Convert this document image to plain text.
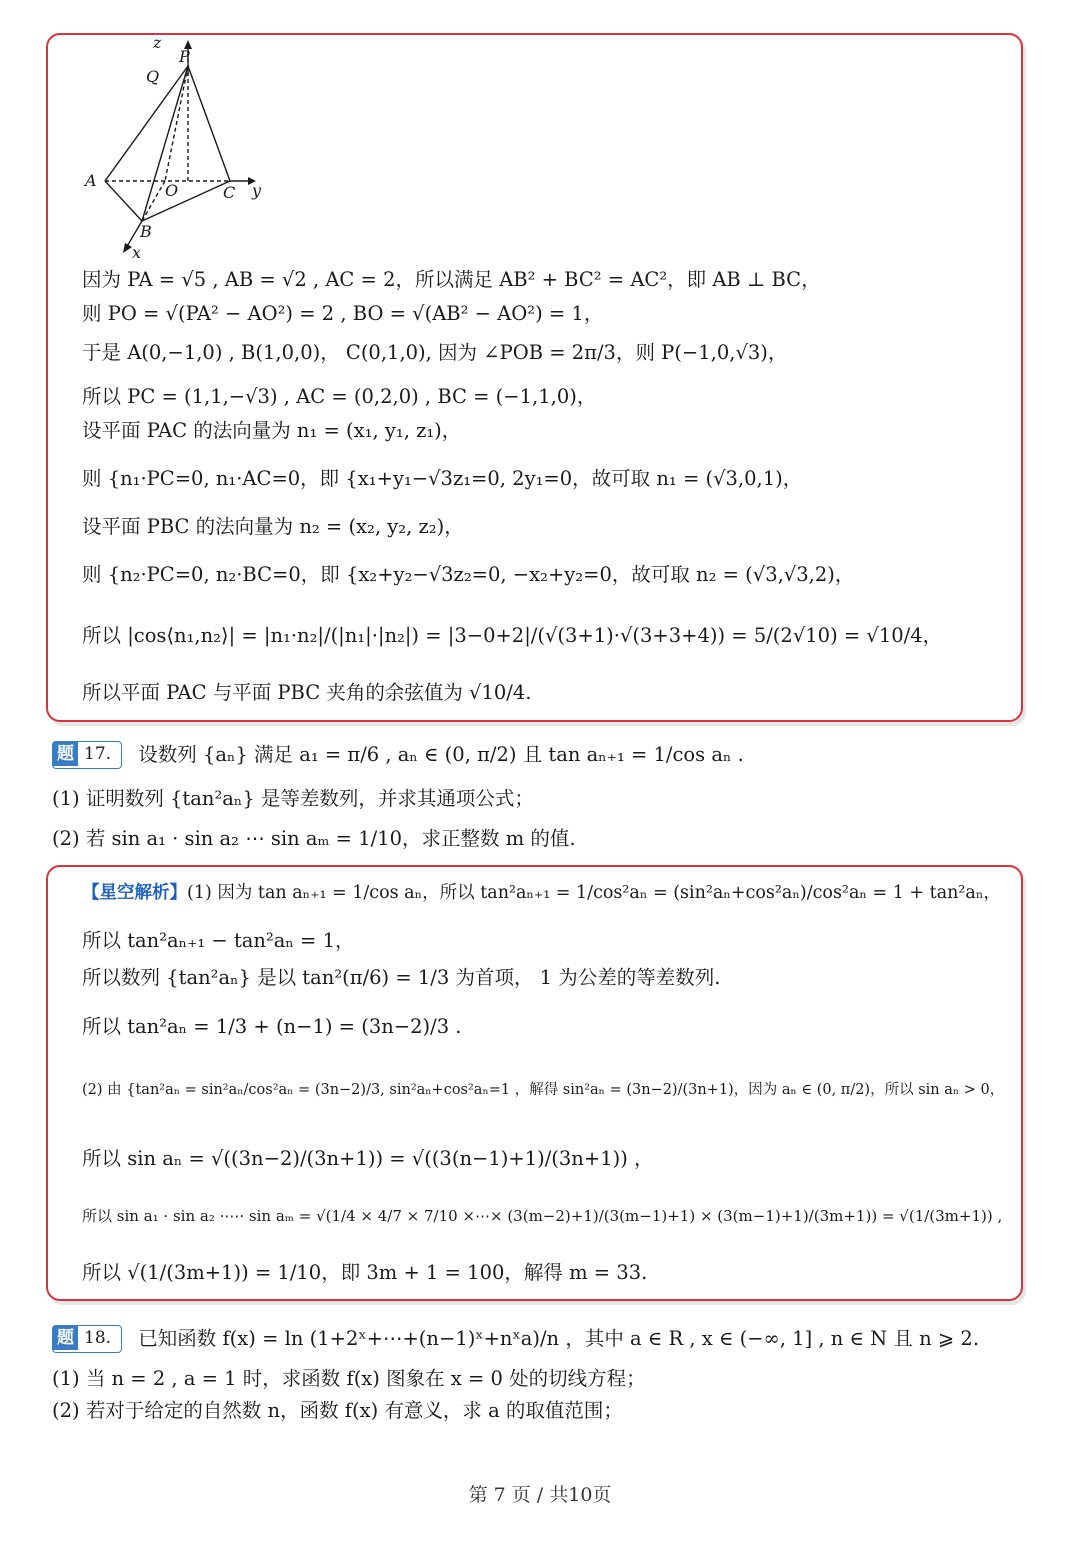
z
P
Q
A
O	C y
B
x
因为 PA = √5 , AB = √2 , AC = 2，所以满足 AB² + BC² = AC²，即 AB ⊥ BC，
则 PO = √(PA² − AO²) = 2 , BO = √(AB² − AO²) = 1，
于是 A(0,−1,0) , B(1,0,0)， C(0,1,0), 因为 ∠POB = 2π/3，则 P(−1,0,√3)，
所以 PC = (1,1,−√3) , AC = (0,2,0) , BC = (−1,1,0)，
设平面 PAC 的法向量为 n₁ = (x₁, y₁, z₁)，
则 {n₁·PC=0, n₁·AC=0，即 {x₁+y₁−√3z₁=0, 2y₁=0，故可取 n₁ = (√3,0,1)，
设平面 PBC 的法向量为 n₂ = (x₂, y₂, z₂)，
则 {n₂·PC=0, n₂·BC=0，即 {x₂+y₂−√3z₂=0, −x₂+y₂=0，故可取 n₂ = (√3,√3,2)，
所以 |cos⟨n₁,n₂⟩| = |n₁·n₂|/(|n₁|·|n₂|) = |3−0+2|/(√(3+1)·√(3+3+4)) = 5/(2√10) = √10/4，
所以平面 PAC 与平面 PBC 夹角的余弦值为 √10/4.
题 17. 设数列 {aₙ} 满足 a₁ = π/6 , aₙ ∈ (0, π/2) 且 tan aₙ₊₁ = 1/cos aₙ .
(1) 证明数列 {tan²aₙ} 是等差数列，并求其通项公式；
(2) 若 sin a₁ · sin a₂ ⋯ sin aₘ = 1/10，求正整数 m 的值.
【星空解析】(1) 因为 tan aₙ₊₁ = 1/cos aₙ，所以 tan²aₙ₊₁ = 1/cos²aₙ = (sin²aₙ+cos²aₙ)/cos²aₙ = 1 + tan²aₙ，
所以 tan²aₙ₊₁ − tan²aₙ = 1，
所以数列 {tan²aₙ} 是以 tan²(π/6) = 1/3 为首项， 1 为公差的等差数列.
所以 tan²aₙ = 1/3 + (n−1) = (3n−2)/3 .
(2) 由 {tan²aₙ = sin²aₙ/cos²aₙ = (3n−2)/3, sin²aₙ+cos²aₙ=1 ，解得 sin²aₙ = (3n−2)/(3n+1)，因为 aₙ ∈ (0, π/2)，所以 sin aₙ > 0，
所以 sin aₙ = √((3n−2)/(3n+1)) = √((3(n−1)+1)/(3n+1)) ，
所以 sin a₁ · sin a₂ ·⋯· sin aₘ = √(1/4 × 4/7 × 7/10 ×⋯× (3(m−2)+1)/(3(m−1)+1) × (3(m−1)+1)/(3m+1)) = √(1/(3m+1)) ,
所以 √(1/(3m+1)) = 1/10，即 3m + 1 = 100，解得 m = 33.
题 18. 已知函数 f(x) = ln (1+2ˣ+⋯+(n−1)ˣ+nˣa)/n ，其中 a ∈ R , x ∈ (−∞, 1] , n ∈ N 且 n ⩾ 2.
(1) 当 n = 2 , a = 1 时，求函数 f(x) 图象在 x = 0 处的切线方程；
(2) 若对于给定的自然数 n，函数 f(x) 有意义，求 a 的取值范围；
第 7 页 / 共10页
